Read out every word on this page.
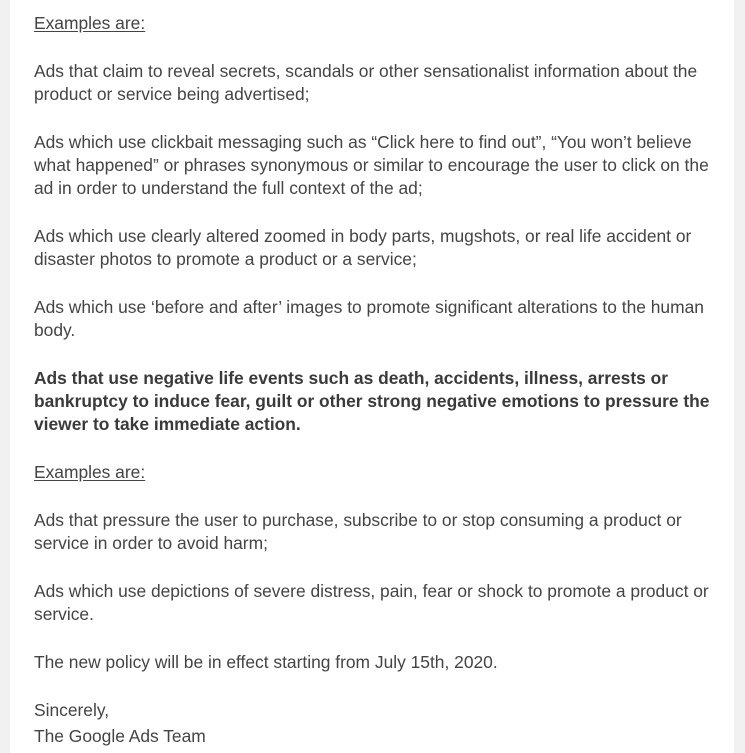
Examples are:

Ads that claim to reveal secrets, scandals or other sensationalist information about the product or service being advertised;

Ads which use clickbait messaging such as “Click here to find out”, “You won’t believe what happened” or phrases synonymous or similar to encourage the user to click on the ad in order to understand the full context of the ad;

Ads which use clearly altered zoomed in body parts, mugshots, or real life accident or disaster photos to promote a product or a service;

Ads which use ‘before and after’ images to promote significant alterations to the human body.

Ads that use negative life events such as death, accidents, illness, arrests or bankruptcy to induce fear, guilt or other strong negative emotions to pressure the viewer to take immediate action.

Examples are:

Ads that pressure the user to purchase, subscribe to or stop consuming a product or service in order to avoid harm;

Ads which use depictions of severe distress, pain, fear or shock to promote a product or service.

The new policy will be in effect starting from July 15th, 2020.

Sincerely,

The Google Ads Team
